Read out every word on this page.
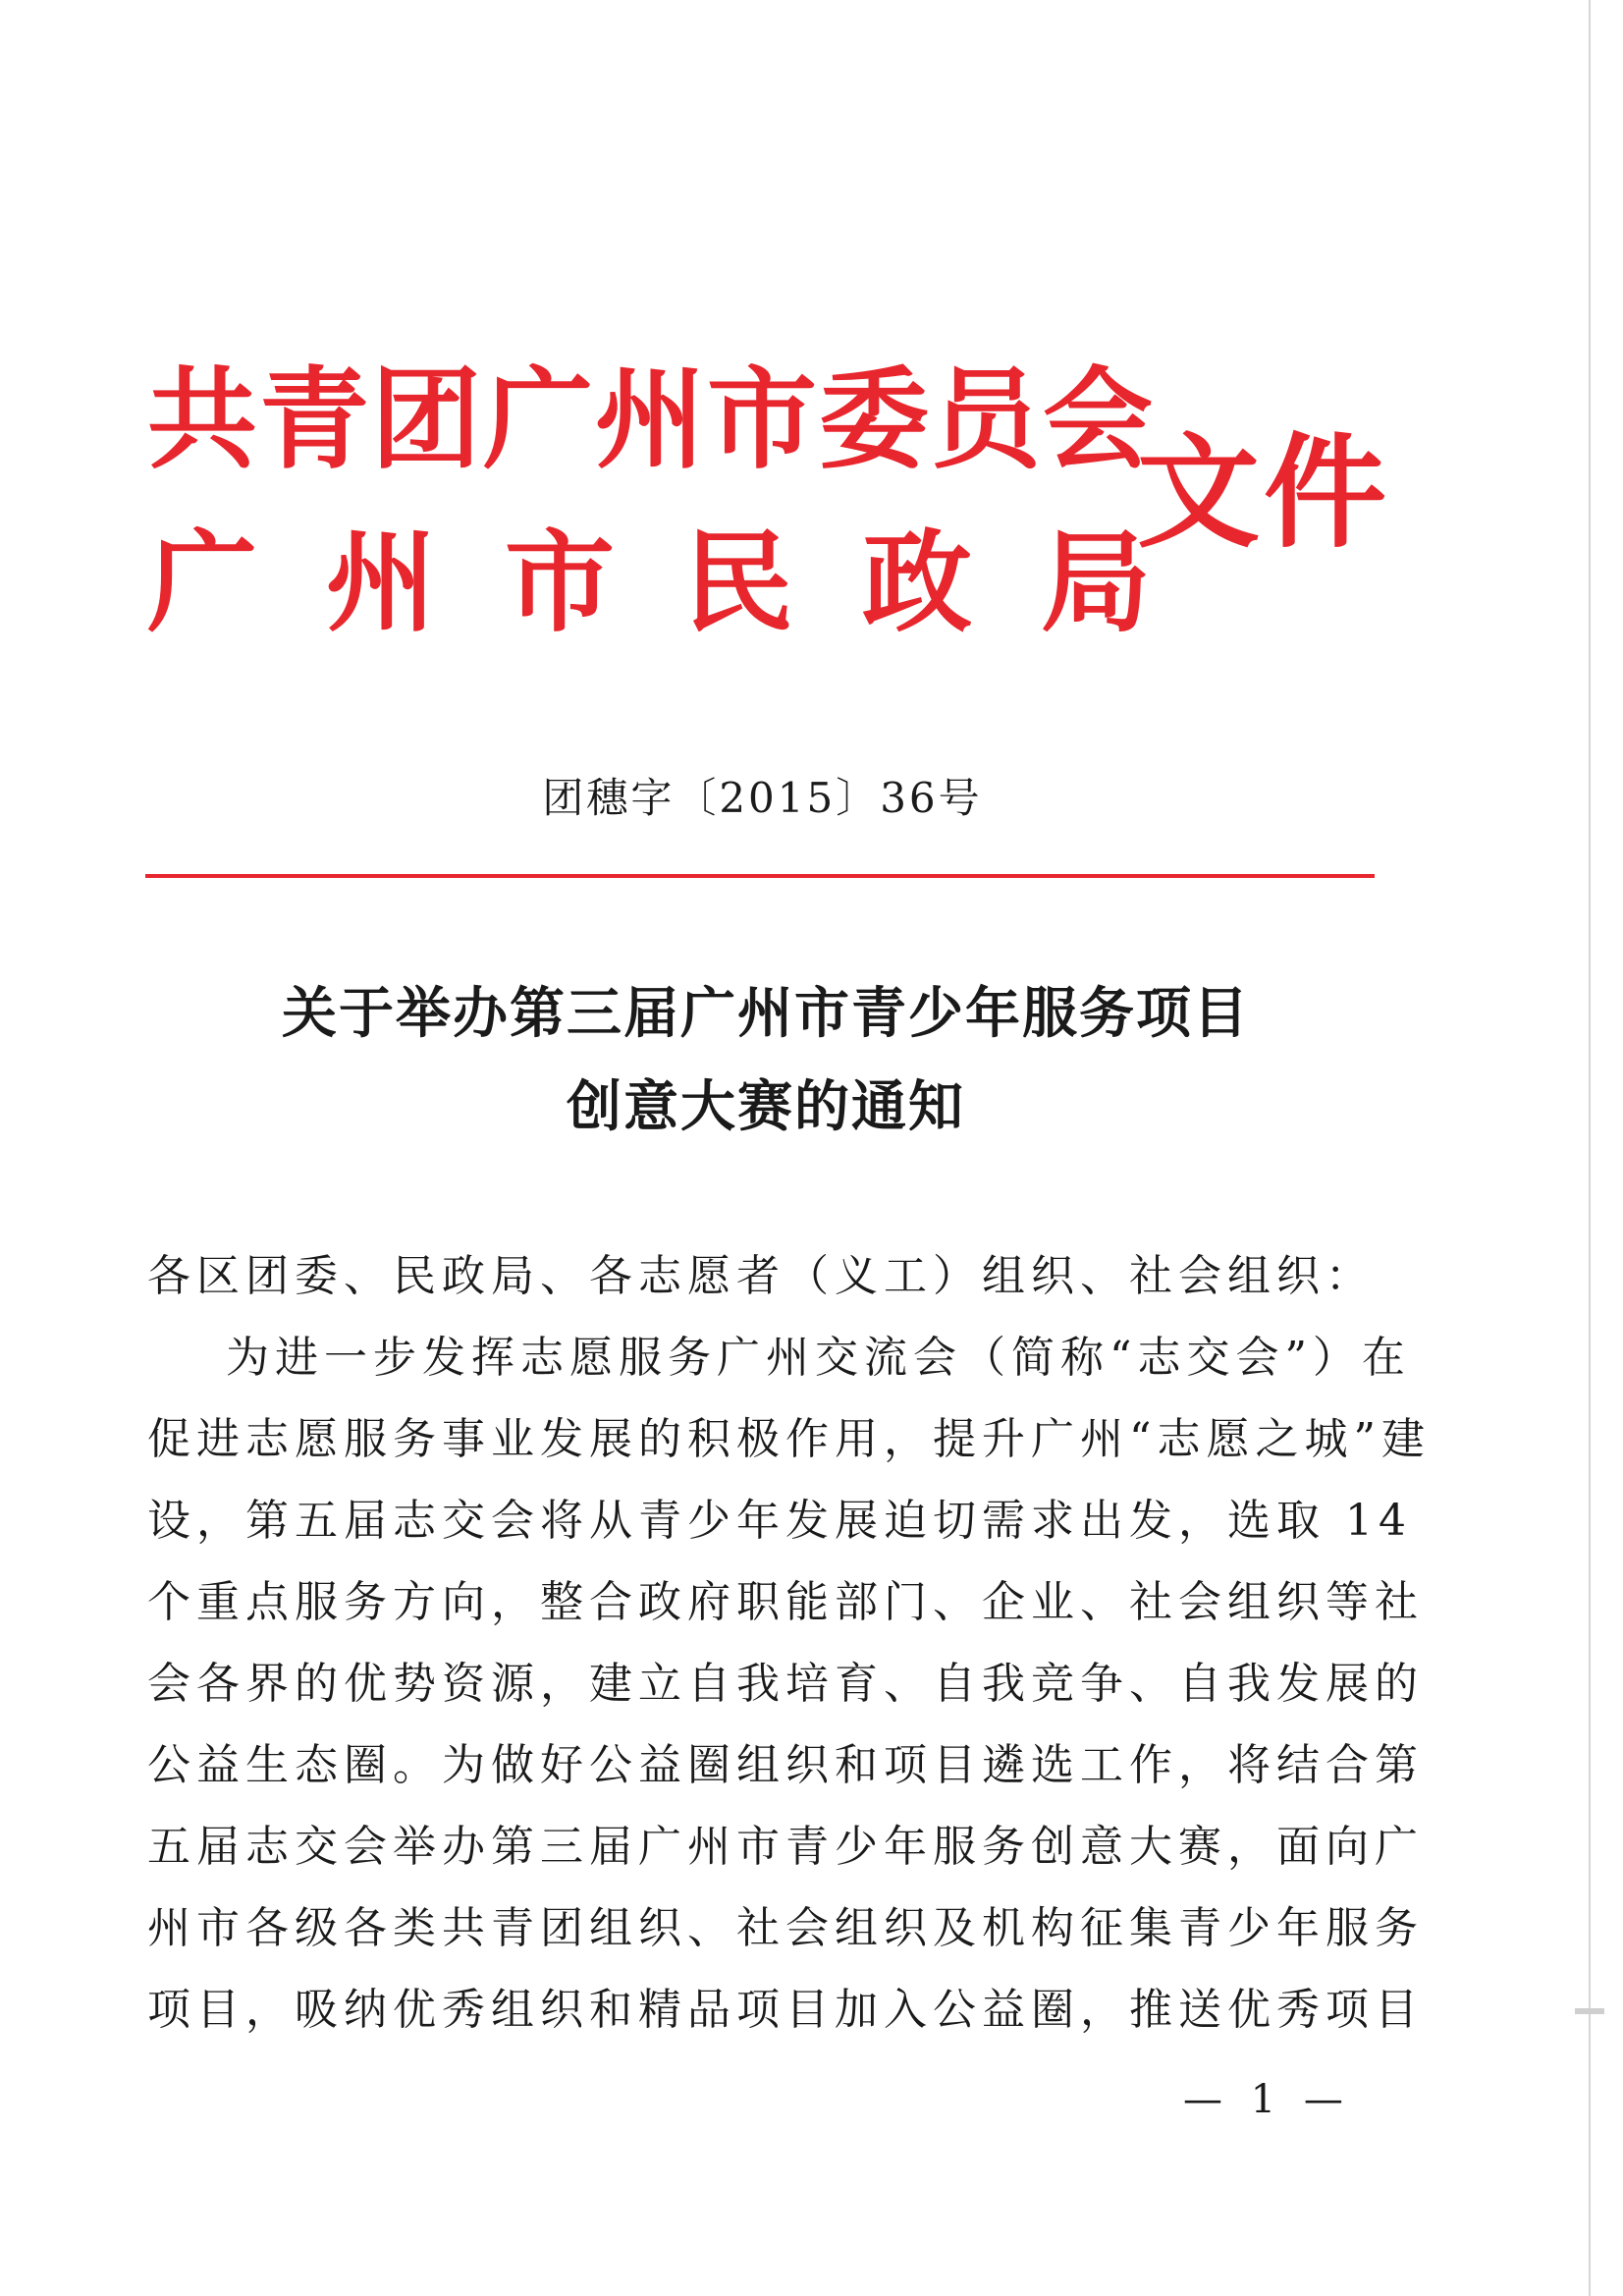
共青团广州市委员会
广州市民政局
文件
团穗字〔2015〕36号
关于举办第三届广州市青少年服务项目
创意大赛的通知
各区团委、民政局、各志愿者（义工）组织、社会组织：
为进一步发挥志愿服务广州交流会（简称“志交会”）在
促进志愿服务事业发展的积极作用，提升广州“志愿之城”建
设，第五届志交会将从青少年发展迫切需求出发，选取 14
个重点服务方向，整合政府职能部门、企业、社会组织等社
会各界的优势资源，建立自我培育、自我竞争、自我发展的
公益生态圈。为做好公益圈组织和项目遴选工作，将结合第
五届志交会举办第三届广州市青少年服务创意大赛，面向广
州市各级各类共青团组织、社会组织及机构征集青少年服务
项目，吸纳优秀组织和精品项目加入公益圈，推送优秀项目
— 1 —
